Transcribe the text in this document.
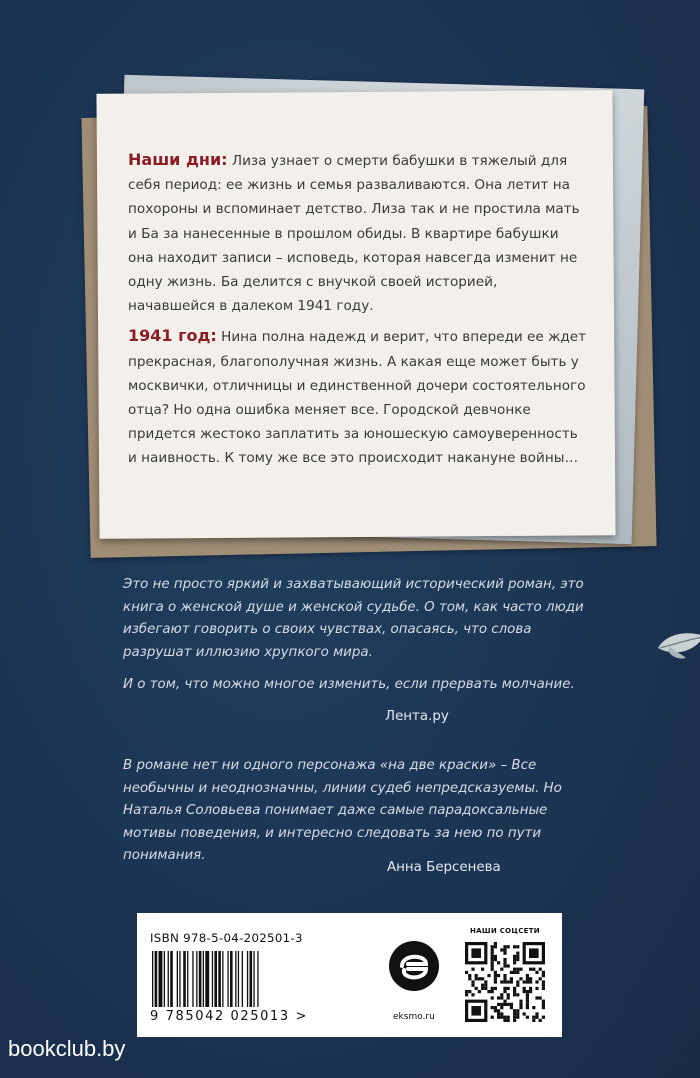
Наши дни: Лиза узнает о смерти бабушки в тяжелый для себя период: ее жизнь и семья разваливаются. Она летит на похороны и вспоминает детство. Лиза так и не простила мать и Ба за нанесенные в прошлом обиды. В квартире бабушки она находит записи – исповедь, которая навсегда изменит не одну жизнь. Ба делится с внучкой своей историей, начавшейся в далеком 1941 году.

1941 год: Нина полна надежд и верит, что впереди ее ждет прекрасная, благополучная жизнь. А какая еще может быть у москвички, отличницы и единственной дочери состоятельного отца? Но одна ошибка меняет все. Городской девчонке придется жестоко заплатить за юношескую самоуверенность и наивность. К тому же все это происходит накануне войны…

Это не просто яркий и захватывающий исторический роман, это книга о женской душе и женской судьбе. О том, как часто люди избегают говорить о своих чувствах, опасаясь, что слова разрушат иллюзию хрупкого мира.

И о том, что можно многое изменить, если прервать молчание.

Лента.ру

В романе нет ни одного персонажа «на две краски» – Все необычны и неоднозначны, линии судеб непредсказуемы. Но Наталья Соловьева понимает даже самые парадоксальные мотивы поведения, и интересно следовать за нею по пути понимания.

Анна Берсенева
ISBN 978-5-04-202501-3
9 785042 025013 >	eksmo.ru
НАШИ СОЦСЕТИ
bookclub.by
